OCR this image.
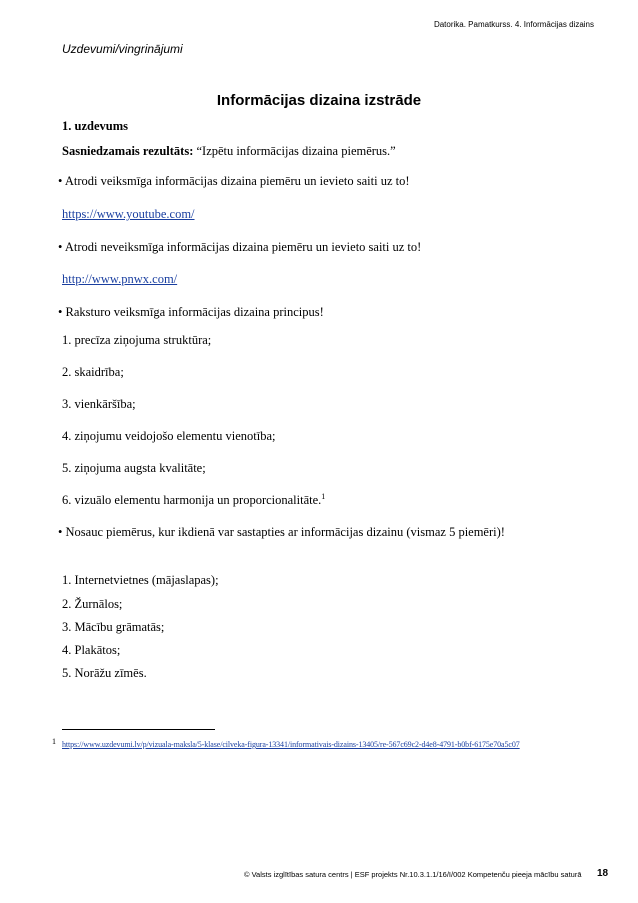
Datorika. Pamatkurss. 4. Informācijas dizains
Uzdevumi/vingrinājumi
Informācijas dizaina izstrāde
1. uzdevums
Sasniedzamais rezultāts: “Izpētu informācijas dizaina piemērus.”
• Atrodi veiksmīga informācijas dizaina piemēru un ievieto saiti uz to!
https://www.youtube.com/
• Atrodi neveiksmīga informācijas dizaina piemēru un ievieto saiti uz to!
http://www.pnwx.com/
• Raksturo veiksmīga informācijas dizaina principus!
1. precīza ziņojuma struktūra;
2. skaidrība;
3. vienkāršība;
4. ziņojumu veidojošo elementu vienotība;
5. ziņojuma augsta kvalitāte;
6. vizuālo elementu harmonija un proporcionalitāte.$^1$
• Nosauc piemērus, kur ikdienā var sastapties ar informācijas dizainu (vismaz 5 piemēri)!
1. Internetvietnes (mājaslapas);
2. Žurnālos;
3. Mācību grāmatās;
4. Plakātos;
5. Norāžu zīmēs.
1 https://www.uzdevumi.lv/p/vizuala-maksla/5-klase/cilveka-figura-13341/informativais-dizains-13405/re-567c69c2-d4e8-4791-b0bf-6175e70a5c07
© Valsts izglītības satura centrs | ESF projekts Nr.10.3.1.1/16/I/002 Kompetenču pieeja mācību saturā 18
